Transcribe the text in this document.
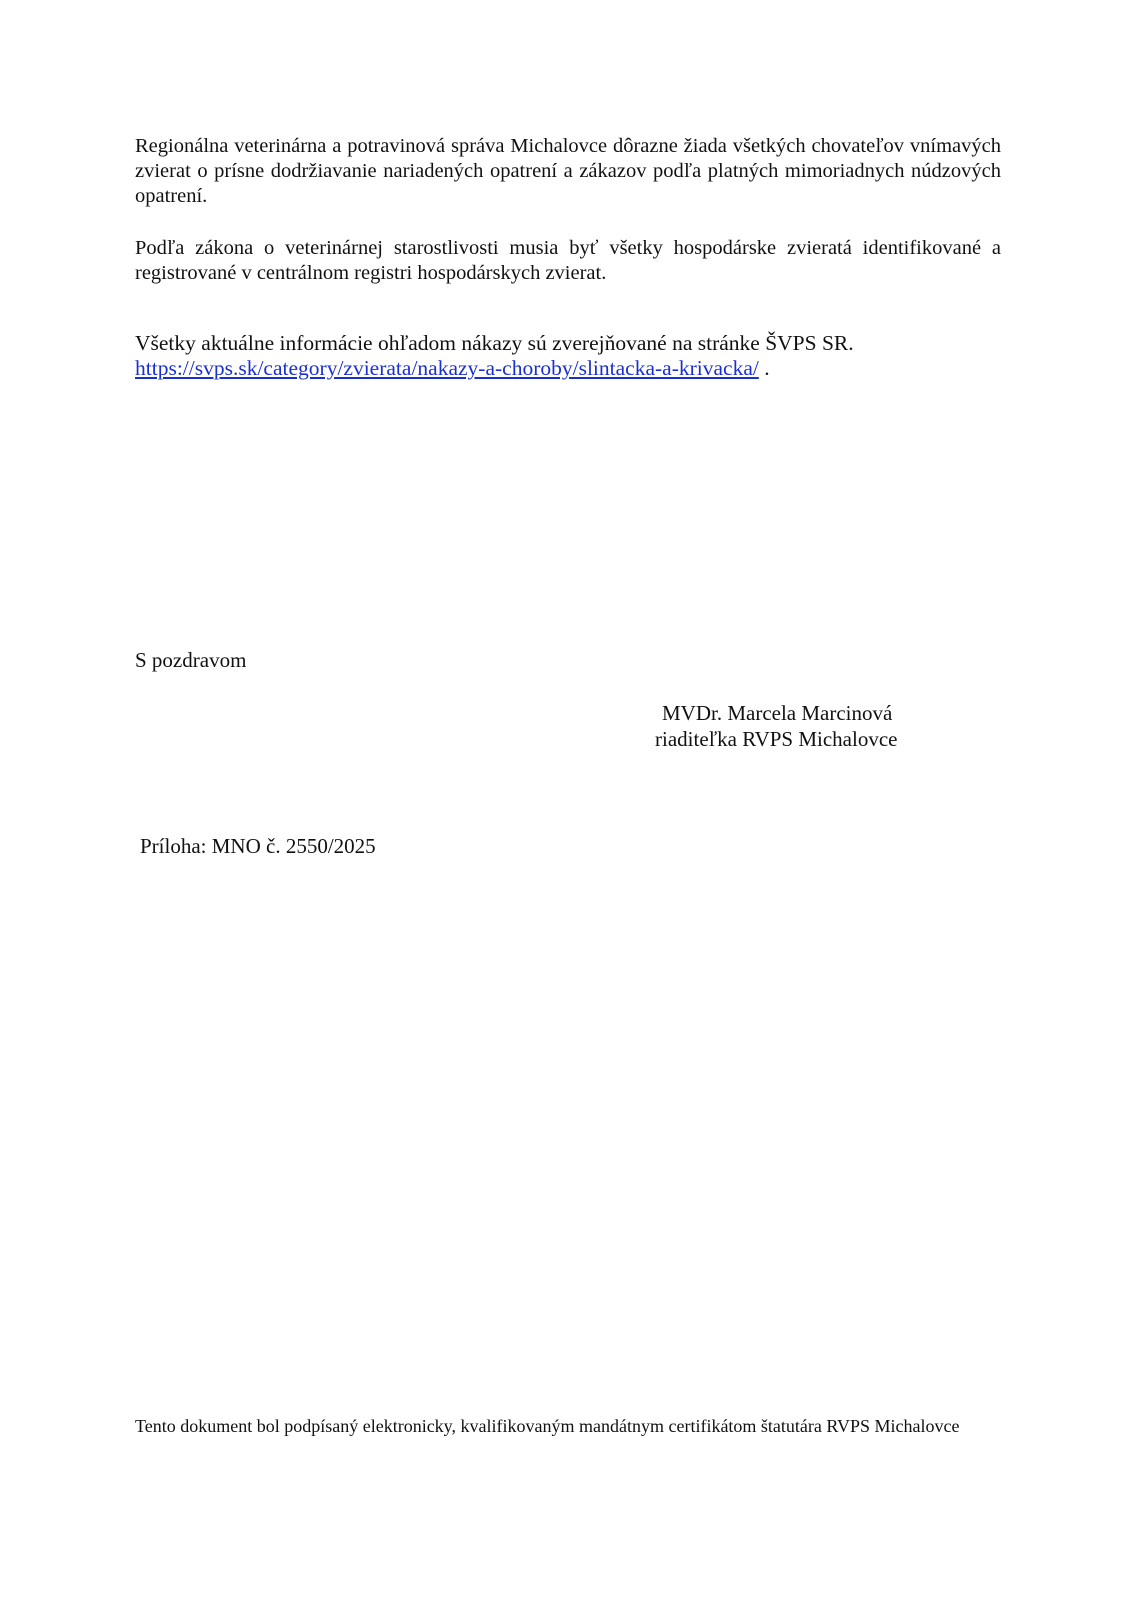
Regionálna veterinárna a potravinová správa Michalovce dôrazne žiada všetkých chovateľov vnímavých zvierat o prísne dodržiavanie nariadených opatrení a zákazov podľa platných mimoriadnych núdzových opatrení.

Podľa zákona o veterinárnej starostlivosti musia byť všetky hospodárske zvieratá identifikované a registrované v centrálnom registri hospodárskych zvierat.

Všetky aktuálne informácie ohľadom nákazy sú zverejňované na stránke ŠVPS SR.
https://svps.sk/category/zvierata/nakazy-a-choroby/slintacka-a-krivacka/ .

S pozdravom

MVDr. Marcela Marcinová
riaditeľka RVPS Michalovce

Príloha: MNO č. 2550/2025

Tento dokument bol podpísaný elektronicky, kvalifikovaným mandátnym certifikátom štatutára RVPS Michalovce
